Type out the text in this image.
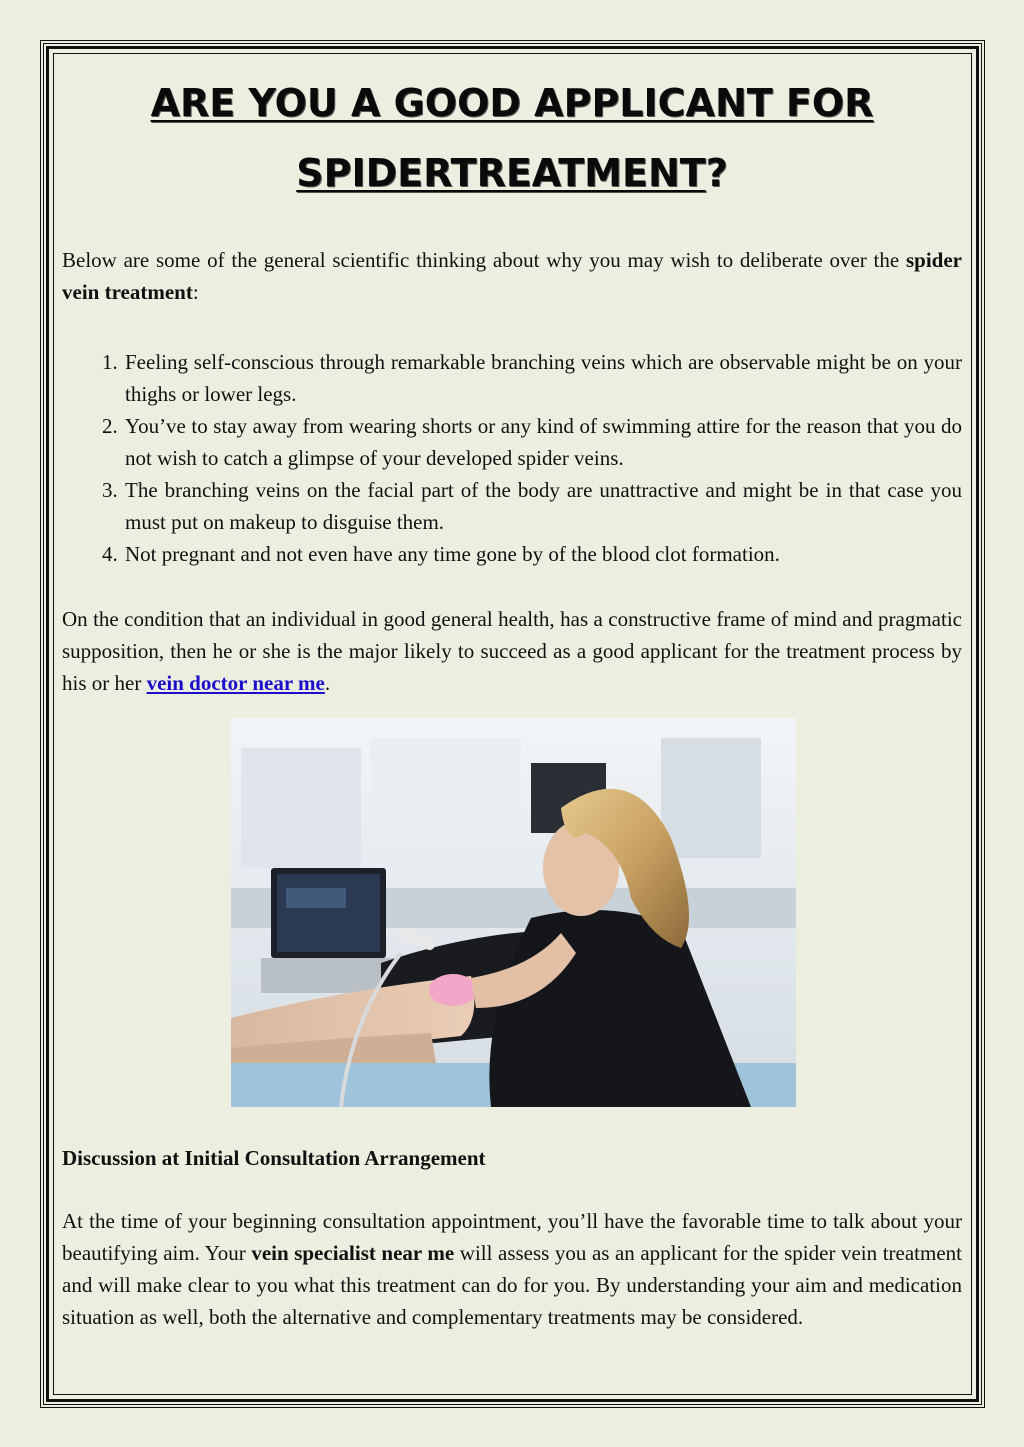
ARE YOU A GOOD APPLICANT FOR
SPIDERTREATMENT?

Below are some of the general scientific thinking about why you may wish to deliberate over the spider vein treatment:

1. Feeling self-conscious through remarkable branching veins which are observable might be on your thighs or lower legs.
2. You’ve to stay away from wearing shorts or any kind of swimming attire for the reason that you do not wish to catch a glimpse of your developed spider veins.
3. The branching veins on the facial part of the body are unattractive and might be in that case you must put on makeup to disguise them.
4. Not pregnant and not even have any time gone by of the blood clot formation.

On the condition that an individual in good general health, has a constructive frame of mind and pragmatic supposition, then he or she is the major likely to succeed as a good applicant for the treatment process by his or her vein doctor near me.

Discussion at Initial Consultation Arrangement

At the time of your beginning consultation appointment, you’ll have the favorable time to talk about your beautifying aim. Your vein specialist near me will assess you as an applicant for the spider vein treatment and will make clear to you what this treatment can do for you. By understanding your aim and medication situation as well, both the alternative and complementary treatments may be considered.
